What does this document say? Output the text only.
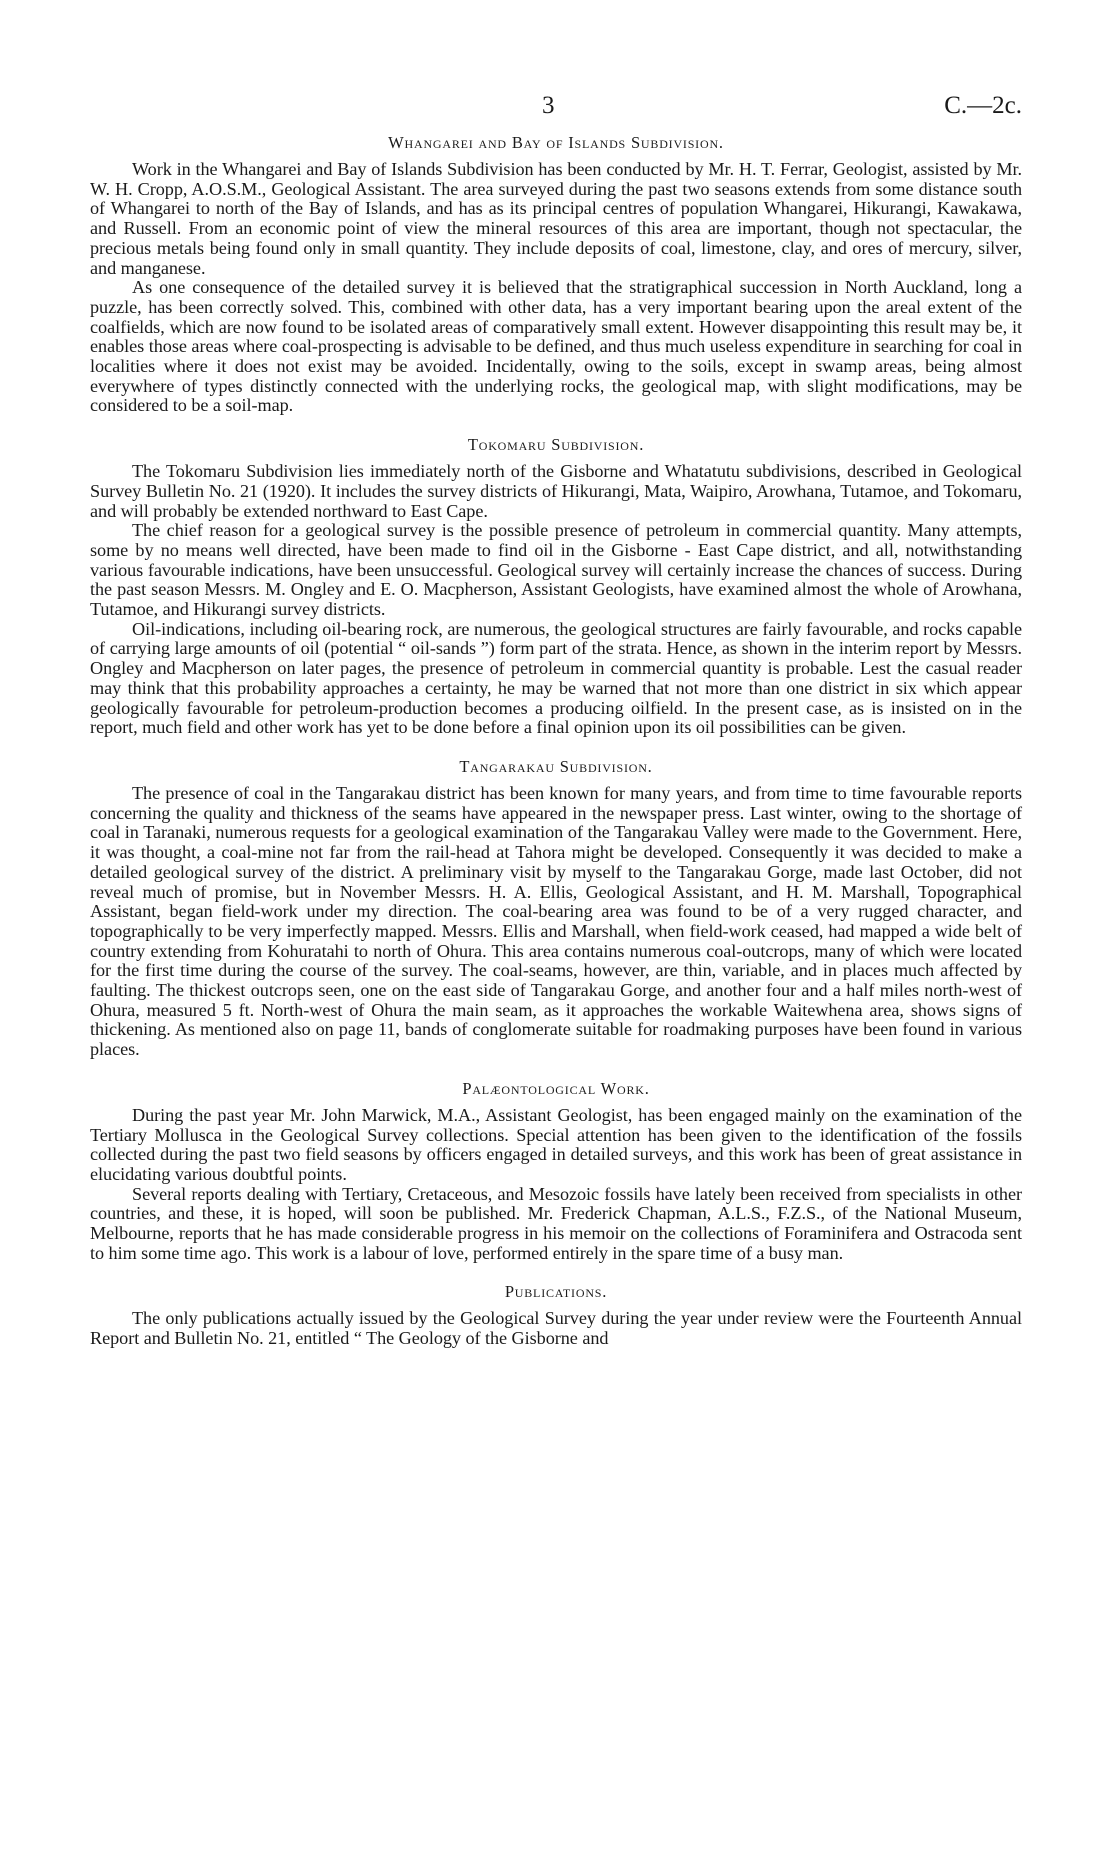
3	C.—2c.
Whangarei and Bay of Islands Subdivision.

Work in the Whangarei and Bay of Islands Subdivision has been conducted by Mr. H. T. Ferrar, Geologist, assisted by Mr. W. H. Cropp, A.O.S.M., Geological Assistant. The area surveyed during the past two seasons extends from some distance south of Whangarei to north of the Bay of Islands, and has as its principal centres of population Whangarei, Hikurangi, Kawakawa, and Russell. From an economic point of view the mineral resources of this area are important, though not spectacular, the precious metals being found only in small quantity. They include deposits of coal, limestone, clay, and ores of mercury, silver, and manganese.

As one consequence of the detailed survey it is believed that the stratigraphical succession in North Auckland, long a puzzle, has been correctly solved. This, combined with other data, has a very important bearing upon the areal extent of the coalfields, which are now found to be isolated areas of comparatively small extent. However disappointing this result may be, it enables those areas where coal-prospecting is advisable to be defined, and thus much useless expenditure in searching for coal in localities where it does not exist may be avoided. Incidentally, owing to the soils, except in swamp areas, being almost everywhere of types distinctly connected with the underlying rocks, the geological map, with slight modifications, may be considered to be a soil-map.

Tokomaru Subdivision.

The Tokomaru Subdivision lies immediately north of the Gisborne and Whatatutu subdivisions, described in Geological Survey Bulletin No. 21 (1920). It includes the survey districts of Hikurangi, Mata, Waipiro, Arowhana, Tutamoe, and Tokomaru, and will probably be extended northward to East Cape.

The chief reason for a geological survey is the possible presence of petroleum in commercial quantity. Many attempts, some by no means well directed, have been made to find oil in the Gisborne - East Cape district, and all, notwithstanding various favourable indications, have been unsuccessful. Geological survey will certainly increase the chances of success. During the past season Messrs. M. Ongley and E. O. Macpherson, Assistant Geologists, have examined almost the whole of Arowhana, Tutamoe, and Hikurangi survey districts.

Oil-indications, including oil-bearing rock, are numerous, the geological structures are fairly favourable, and rocks capable of carrying large amounts of oil (potential “ oil-sands ”) form part of the strata. Hence, as shown in the interim report by Messrs. Ongley and Macpherson on later pages, the presence of petroleum in commercial quantity is probable. Lest the casual reader may think that this probability approaches a certainty, he may be warned that not more than one district in six which appear geologically favourable for petroleum-production becomes a producing oilfield. In the present case, as is insisted on in the report, much field and other work has yet to be done before a final opinion upon its oil possibilities can be given.

Tangarakau Subdivision.

The presence of coal in the Tangarakau district has been known for many years, and from time to time favourable reports concerning the quality and thickness of the seams have appeared in the newspaper press. Last winter, owing to the shortage of coal in Taranaki, numerous requests for a geological examination of the Tangarakau Valley were made to the Government. Here, it was thought, a coal-mine not far from the rail-head at Tahora might be developed. Consequently it was decided to make a detailed geological survey of the district. A preliminary visit by myself to the Tangarakau Gorge, made last October, did not reveal much of promise, but in November Messrs. H. A. Ellis, Geological Assistant, and H. M. Marshall, Topographical Assistant, began field-work under my direction. The coal-bearing area was found to be of a very rugged character, and topographically to be very imperfectly mapped. Messrs. Ellis and Marshall, when field-work ceased, had mapped a wide belt of country extending from Kohuratahi to north of Ohura. This area contains numerous coal-outcrops, many of which were located for the first time during the course of the survey. The coal-seams, however, are thin, variable, and in places much affected by faulting. The thickest outcrops seen, one on the east side of Tangarakau Gorge, and another four and a half miles north-west of Ohura, measured 5 ft. North-west of Ohura the main seam, as it approaches the workable Waitewhena area, shows signs of thickening. As mentioned also on page 11, bands of conglomerate suitable for roadmaking purposes have been found in various places.

Palæontological Work.

During the past year Mr. John Marwick, M.A., Assistant Geologist, has been engaged mainly on the examination of the Tertiary Mollusca in the Geological Survey collections. Special attention has been given to the identification of the fossils collected during the past two field seasons by officers engaged in detailed surveys, and this work has been of great assistance in elucidating various doubtful points.

Several reports dealing with Tertiary, Cretaceous, and Mesozoic fossils have lately been received from specialists in other countries, and these, it is hoped, will soon be published. Mr. Frederick Chapman, A.L.S., F.Z.S., of the National Museum, Melbourne, reports that he has made considerable progress in his memoir on the collections of Foraminifera and Ostracoda sent to him some time ago. This work is a labour of love, performed entirely in the spare time of a busy man.

Publications.

The only publications actually issued by the Geological Survey during the year under review were the Fourteenth Annual Report and Bulletin No. 21, entitled “ The Geology of the Gisborne and
